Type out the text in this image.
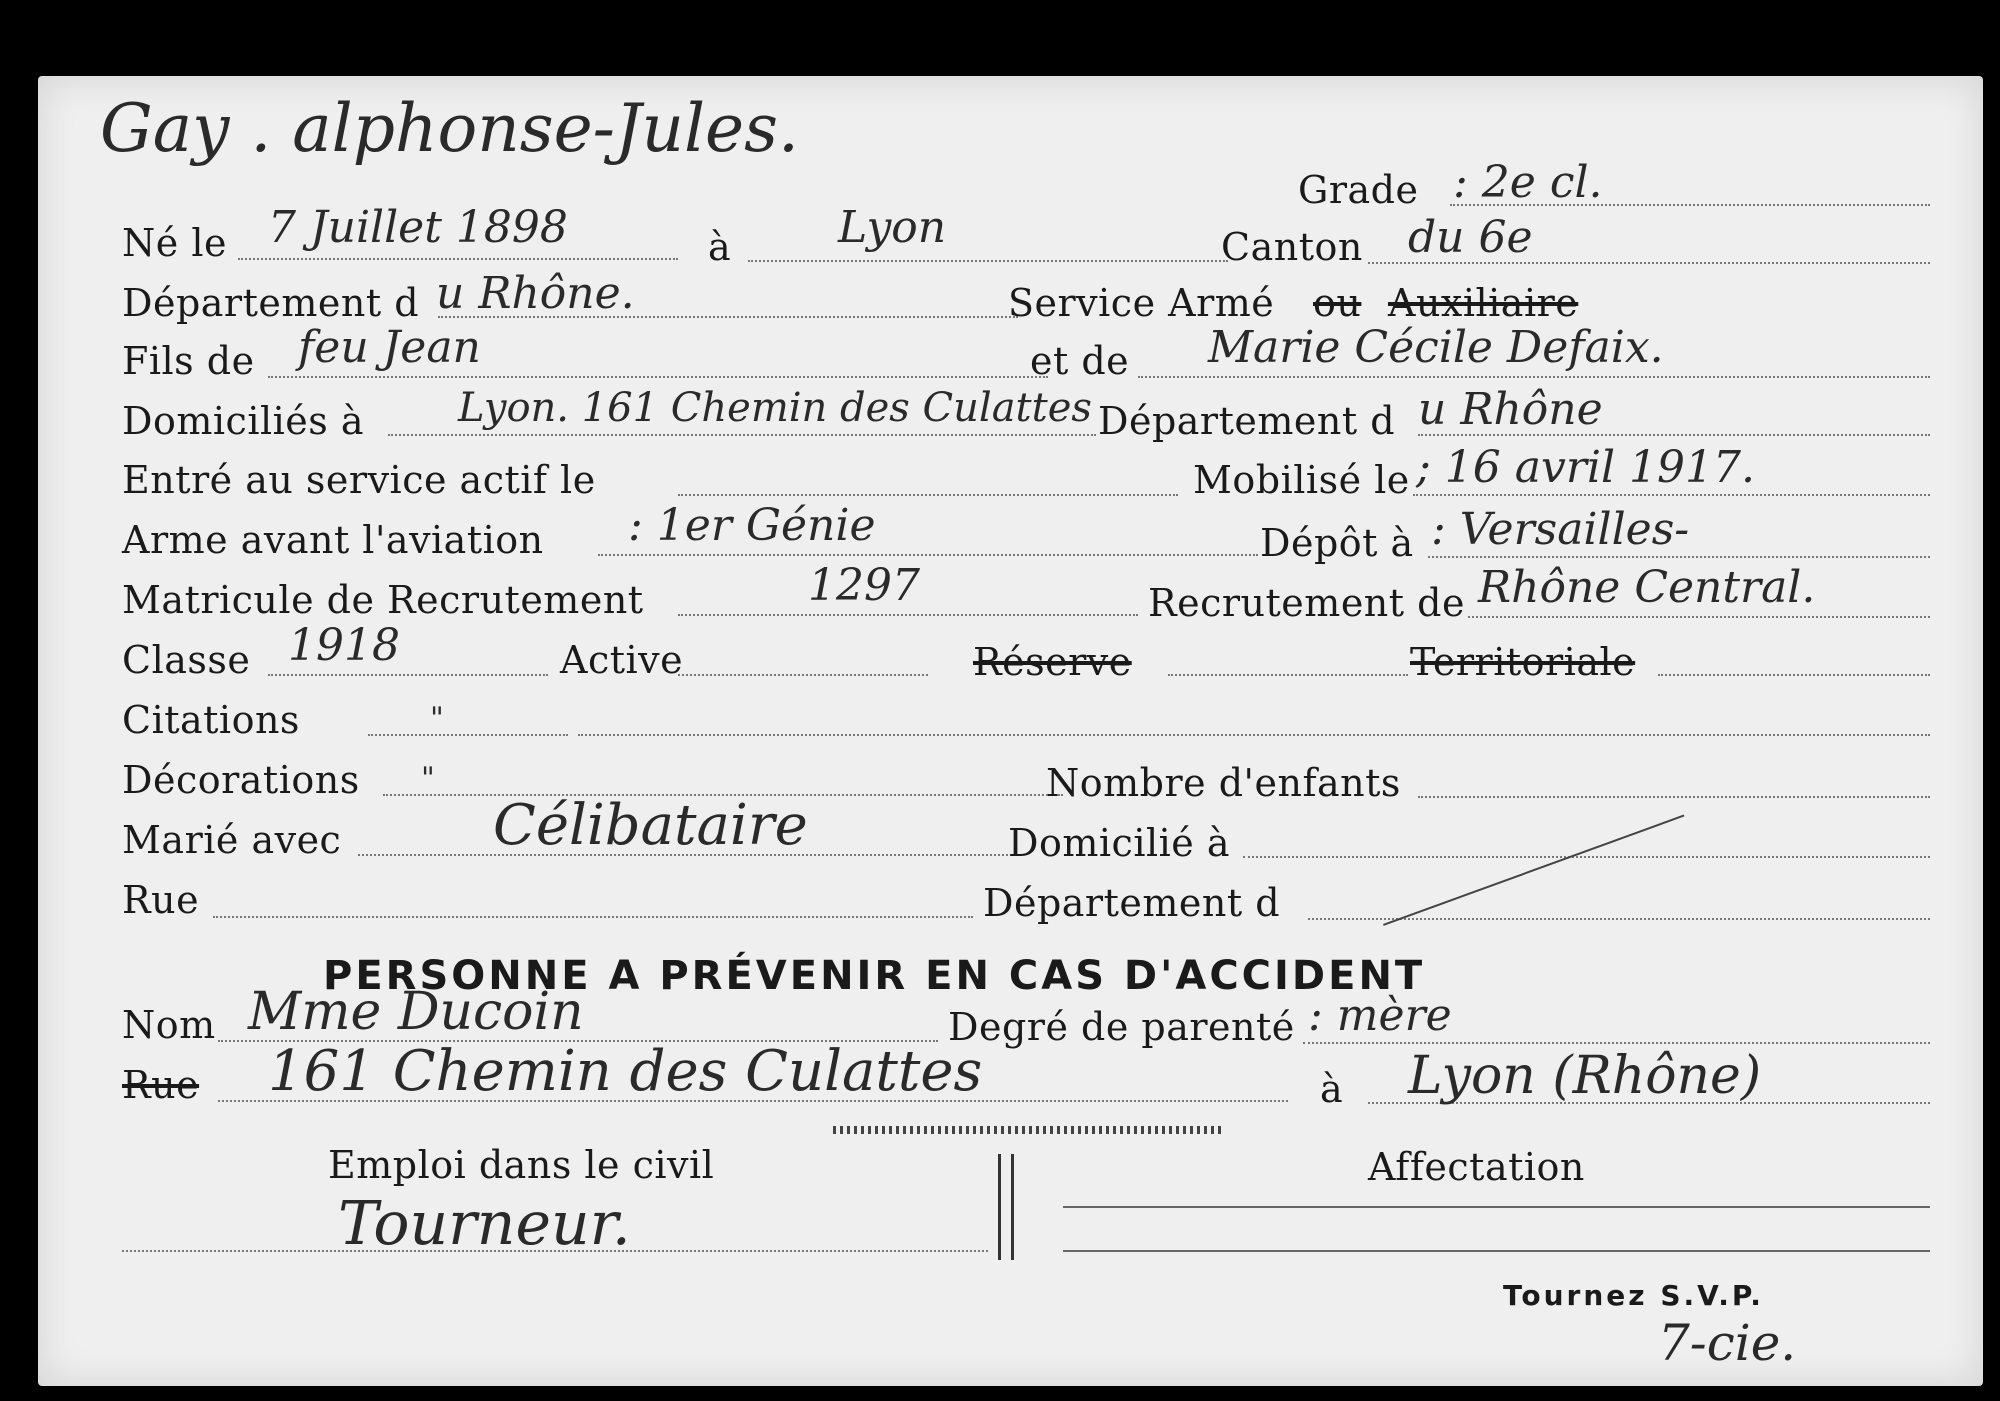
Gay . alphonse-Jules.
Grade : 2e cl.
Né le 7 Juillet 1898	à Lyon	Canton du 6e
Département d u Rhône.	Service Armé ou Auxiliaire
Fils de feu Jean	et de Marie Cécile Defaix.
Domiciliés à Lyon. 161 Chemin des Culattes Département d u Rhône
Entré au service actif le	Mobilisé le ; 16 avril 1917.
Arme avant l'aviation : 1er Génie	Dépôt à : Versailles-
Matricule de Recrutement	1297	Recrutement de Rhône Central.
Classe 1918	Active	Réserve	Territoriale
Citations	"
Décorations "	Nombre d'enfants
Marié avec	Célibataire	Domicilié à
Rue	Département d
PERSONNE A PRÉVENIR EN CAS D'ACCIDENT
Nom Mme Ducoin	Degré de parenté : mère
Rue 161 Chemin des Culattes	à Lyon (Rhône)
Emploi dans le civil
Tourneur.
Affectation
Tournez S.V.P.
7-cie.
